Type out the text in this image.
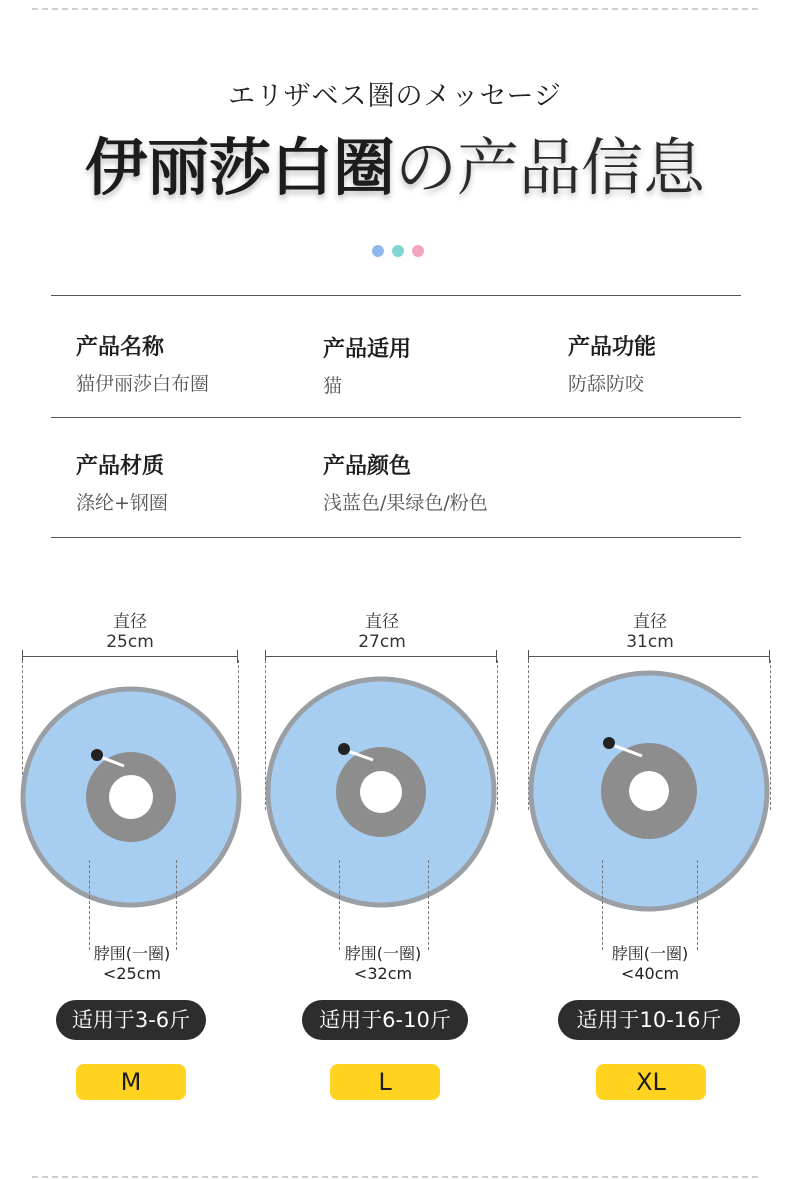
エリザベス圏のメッセージ
伊丽莎白圈の产品信息
产品名称
猫伊丽莎白布圈
产品适用
猫
产品功能
防舔防咬
产品材质
涤纶+钢圈
产品颜色
浅蓝色/果绿色/粉色
直径
25cm
脖围(一圈)
<25cm
适用于3-6斤
M
直径
27cm
脖围(一圈)
<32cm
适用于6-10斤
L
直径
31cm
脖围(一圈)
<40cm
适用于10-16斤
XL
